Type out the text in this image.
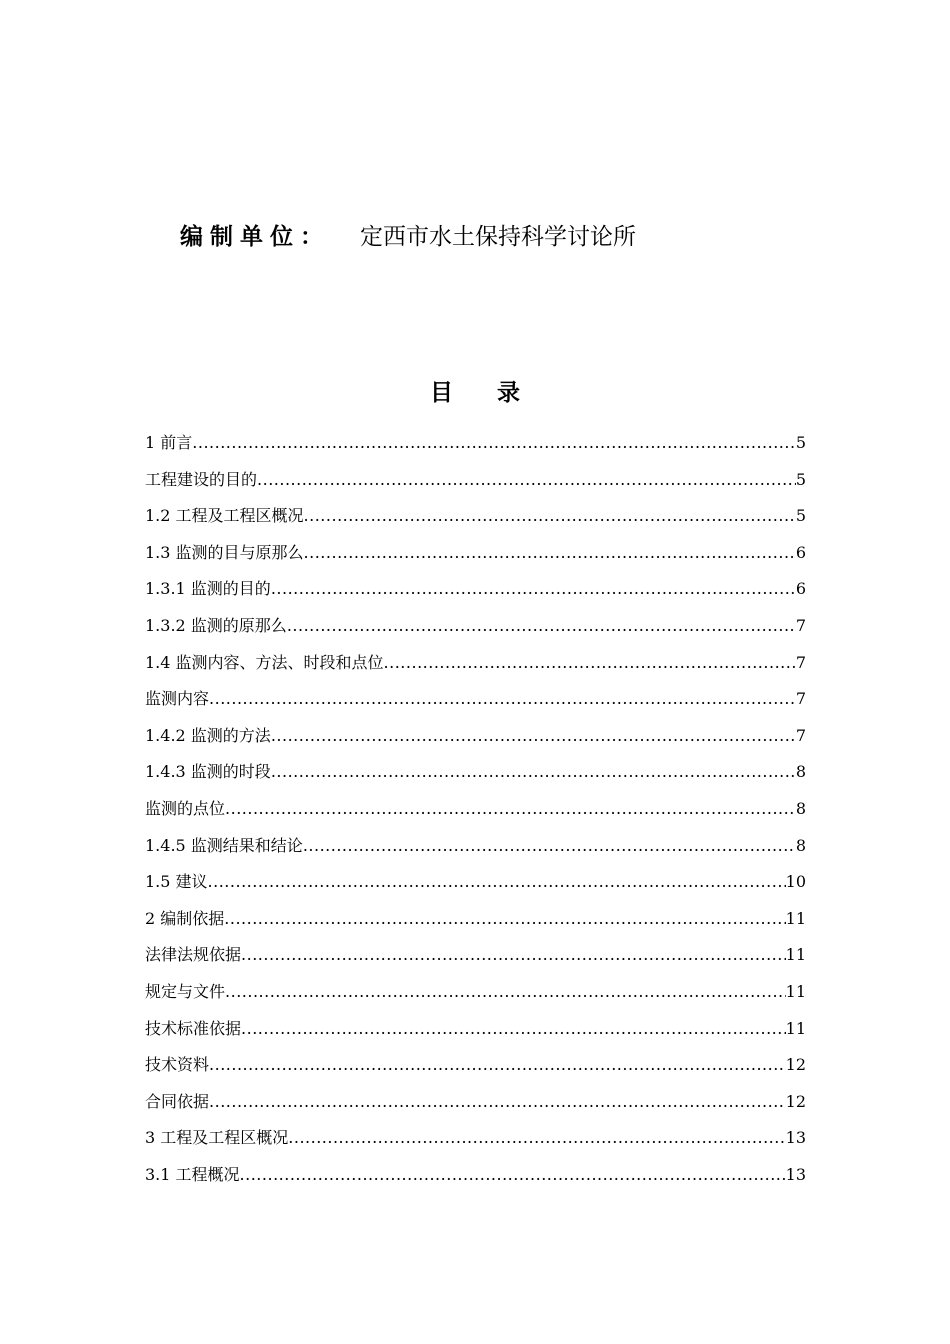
编制单位： 定西市水土保持科学讨论所
目录
1 前言 .....	5
工程建设的目的 .....	5
1.2 工程及工程区概况 .....	5
1.3 监测的目与原那么 .....	6
1.3.1 监测的目的 .....	6
1.3.2 监测的原那么 .....	7
1.4 监测内容、方法、时段和点位 .....	7
监测内容 .....	7
1.4.2 监测的方法 .....	7
1.4.3 监测的时段 .....	8
监测的点位 .....	8
1.4.5 监测结果和结论 .....	8
1.5 建议 .....	10
2 编制依据 .....	11
法律法规依据 .....	11
规定与文件 .....	11
技术标准依据 .....	11
技术资料 .....	12
合同依据 .....	12
3 工程及工程区概况 .....	13
3.1 工程概况 .....	13
